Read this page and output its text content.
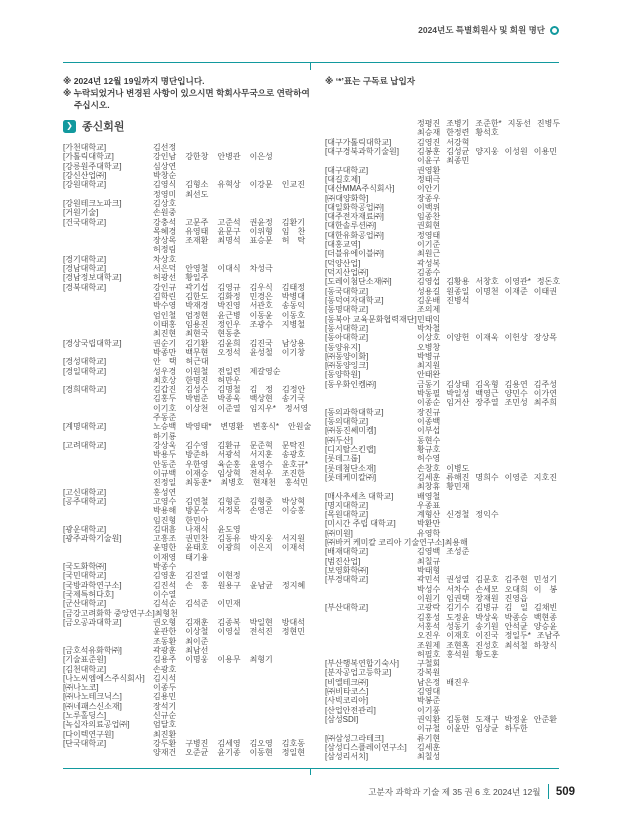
2024년도 특별회원사 및 회원 명단
※ 2024년 12월 19일까지 명단입니다.
※ 누락되었거나 변경된 사항이 있으시면 학회사무국으로 연락하여
주십시오.
※ ‘*’표는 구독료 납입자
❯ 종신회원
[가천대학교]	김선정
[가톨릭대학교]	강인남 강한창 안병관 이은성
[강릉원주대학교]	심상연
[강신산업㈜]	박창순
[강원대학교]	김영식 김형소 유혁상 이강문 인교진
정영미 최선도
[강원테크노파크]	김상호
[거원기술]	손원중
[건국대학교]	강충석 고문주 고준석 권윤정 김환기
목혜경 유영태 윤문구 이위형 임　찬
장상목 조재환 최명석 표승문 허　탁
허정림
[경기대학교]	차상호
[경남대학교]	서은덕 안영철 이대식 차성극
[경남정보대학교]	허광선 황일주
[경북대학교]	강인규 곽기섭 김영규 김우식 김태정
김학린 김한도 김화정 민경은 박병대
박수영 박재경 박진영 서관호 송동익
엄인철 엄정현 윤근병 이동윤 이동호
이태홍 임용진 정인우 조광수 지병철
최진현 최현국 현동춘
[경상국립대학교]	권순기 김기환 김윤희 김진국 남상용
박종만 백무현 오정석 윤성철 이기창
[경성대학교]	안　택 허근대
[경일대학교]	성우경 이원철 전일련 제갈영순
최호상 한명진 허만우
[경희대학교]	김갑진 김성수 김명철 김　정 김정안
김홍두 박범준 박종욱 백상현 송기국
이기호 이상천 이준열 임지우* 정서영
주동준
[계명대학교]	노승백 박영태* 변명환 변홍식* 안원술
하기룡
[고려대학교]	강상욱 김수영 김환규 문준혁 문탁진
박용두 방준하 서광석 서지훈 송광호
안동준 우한영 육순홍 윤영수 윤호규*
이규백 이재승 임상혁 전석우 조진한
진정일 최동훈* 최병호 현재천 홍석민
[고신대학교]	홍성연
[공주대학교]	고영수 김연철 김형준 김형중 박상혁
박용해 방문수 서정목 손영곤 이승홍
임진형 한민아
[광운대학교]	김대흠 나재식 윤도영
[광주과학기술원]	고흥조 권민찬 김동유 박지웅 서지원
윤명한 윤태호 이광희 이은지 이재석
이재영 태기융
[국도화학㈜]	박종수
[국민대학교]	김영훈 김진열 이현정
[국방과학연구소]	김진석 손　홍 원용구 윤남균 정지혜
[국제특허다호]	이수열
[군산대학교]	김석순 김석준 이민재
[금강고려화학 중앙연구소] 최형천
[금오공과대학교]	권오형 김재훈 김종복 박일현 방대석
윤관한 이상철 이영실 전석진 정현민
조동환 최이준
[금호석유화학㈜]	곽광훈 최남선
[기술표준원]	김용주 이명웅 이용무 최형기
[김천대학교]	손광호
[나노씨엠에스주식회사]	김시석
[㈜나노코]	이종두
[㈜나노테크닉스]	김용민
[㈜네패스신소재]	장석기
[노루홀딩스]	신규순
[녹십자의료공업㈜]	엄달호
[다이텍연구원]	최진환
[단국대학교]	강두환 구병진 김세영 김오영 김호동
양재건 오준균 윤기종 이동현 정일현
정평진 조병기 조준한* 지동선 진병두
최승재 한정련 황석호
[대구가톨릭대학교]	김영진 서강혁
[대구경북과학기술원]	김봉훈 김성균 양지웅 이성원 이용민
이윤구 최종민
[대구대학교]	권영환
[대길호제]	정태극
[대산MMA주식회사]	이안기
[㈜대양화학]	장종우
[대일화학공업㈜]	이백위
[대주전자재료㈜]	임종찬
[대한솔루션㈜]	권회현
[대한유화공업㈜]	정영태
[대홍교역]	이기준
[더블유에이블㈜]	최원근
[덕양산업]	곽성복
[덕지산업㈜]	김종수
[도레이첨단소재㈜]	김영섭 김황용 서창호 이영관* 정돈호
[동국대학교]	성용길 원종일 이명천 이재준 이태권
[동덕여자대학교]	김운배 진병석
[동명대학교]	조의제
[동북아 교육문화협력재단] 민태익
[동서대학교]	박차철
[동아대학교]	이상호 이양헌 이재욱 이헌상 장상목
[동양유지]	오병창
[㈜동양이화]	박병규
[㈜동양잉크]	최지원
[동양학원]	안태완
[동우화인켐㈜]	금동기 김상태 김옥형 김용연 김주성
박동필 박일성 백영근 양민수 이가연
이종순 임거산 장주열 조민성 최주희
[동의과학대학교]	장진규
[동의대학교]	이종백
[㈜동진쎄미켐]	이부섭
[㈜두산]	동현수
[디지탈스킨랩]	황규호
[롯데그룹]	허수영
[롯데첨단소재]	손창호 이병도
[롯데케미칼㈜]	김세훈 류해진 명희수 이영준 지호진
최창휴 황민재
[매사추세츠 대학교]	배영철
[명지대학교]	우종표
[목원대학교]	계형산 신경철 정익수
[미시간 주립 대학교]	박환만
[㈜미원]	유영학
[㈜바커 케미칼 코리아 기술연구소] 최용해
[배재대학교]	김영백 조성준
[범진산업]	최칠규
[보영화학㈜]	박태형
[부경대학교]	곽민석 권성열 김문호 김주현 민성기
박성수 서차수 손세모 오대희 이　봉
이원기 임권택 장재원 진영읍
[부산대학교]	고광락 김기수 김병규 김　일 김채빈
김홍성 도정윤 박상욱 박종승 백현종
서홍석 성동기 송기원 안석균 양승윤
오진우 이재호 이진국 정일두* 조남주
조원제 조현혹 진성호 최석철 하창식
허필호 홍석원 황도훈
[부산행복연합기숙사]	구철회
[분자공업고등학교]	강복원
[비엘테크㈜]	남은정 배진우
[㈜비타코스]	김영대
[사빅코리아]	박봉준
[산업안전관리]	이기풍
[삼성SDI]	권익환 김동현 도재구 박정윤 안준환
이규철 이윤만 임상균 하두한
[㈜삼성그라테크]	류기현
[삼성디스플레이연구소]	김세훈
[삼성리서치]	최칠성
고분자 과학과 기술 제 35 권 6 호 2024년 12월 509
